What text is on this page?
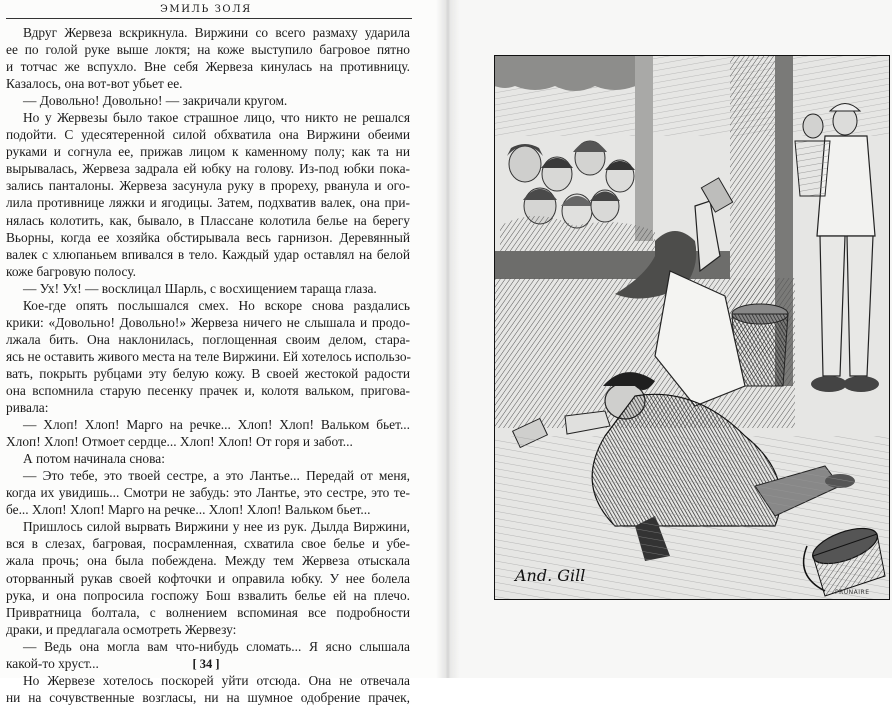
ЭМИЛЬ ЗОЛЯ
Вдруг Жервеза вскрикнула. Виржини со всего размаху ударила
ее по голой руке выше локтя; на коже выступило багровое пятно
и тотчас же вспухло. Вне себя Жервеза кинулась на противницу.
Казалось, она вот-вот убьет ее.
— Довольно! Довольно! — закричали кругом.
Но у Жервезы было такое страшное лицо, что никто не решался
подойти. С удесятеренной силой обхватила она Виржини обеими
руками и согнула ее, прижав лицом к каменному полу; как та ни
вырывалась, Жервеза задрала ей юбку на голову. Из-под юбки пока-
зались панталоны. Жервеза засунула руку в прореху, рванула и ого-
лила противнице ляжки и ягодицы. Затем, подхватив валек, она при-
нялась колотить, как, бывало, в Плассане колотила белье на берегу
Вьорны, когда ее хозяйка обстирывала весь гарнизон. Деревянный
валек с хлюпаньем впивался в тело. Каждый удар оставлял на белой
коже багровую полосу.
— Ух! Ух! — восклицал Шарль, с восхищением тараща глаза.
Кое-где опять послышался смех. Но вскоре снова раздались
крики: «Довольно! Довольно!» Жервеза ничего не слышала и продо-
лжала бить. Она наклонилась, поглощенная своим делом, стара-
ясь не оставить живого места на теле Виржини. Ей хотелось использо-
вать, покрыть рубцами эту белую кожу. В своей жестокой радости
она вспомнила старую песенку прачек и, колотя вальком, пригова-
ривала:
— Хлоп! Хлоп! Марго на речке... Хлоп! Хлоп! Вальком бьет...
Хлоп! Хлоп! Отмоет сердце... Хлоп! Хлоп! От горя и забот...
А потом начинала снова:
— Это тебе, это твоей сестре, а это Лантье... Передай от меня,
когда их увидишь... Смотри не забудь: это Лантье, это сестре, это те-
бе... Хлоп! Хлоп! Марго на речке... Хлоп! Хлоп! Вальком бьет...
Пришлось силой вырвать Виржини у нее из рук. Дылда Виржини,
вся в слезах, багровая, посрамленная, схватила свое белье и убе-
жала прочь; она была побеждена. Между тем Жервеза отыскала
оторванный рукав своей кофточки и оправила юбку. У нее болела
рука, и она попросила госпожу Бош взвалить белье ей на плечо.
Привратница болтала, с волнением вспоминая все подробности
драки, и предлагала осмотреть Жервезу:
— Ведь она могла вам что-нибудь сломать... Я ясно слышала
какой-то хруст...
Но Жервезе хотелось поскорей уйти отсюда. Она не отвечала
ни на сочувственные возгласы, ни на шумное одобрение прачек,
[ 34 ]
And. Gill
PRUNAIRE
